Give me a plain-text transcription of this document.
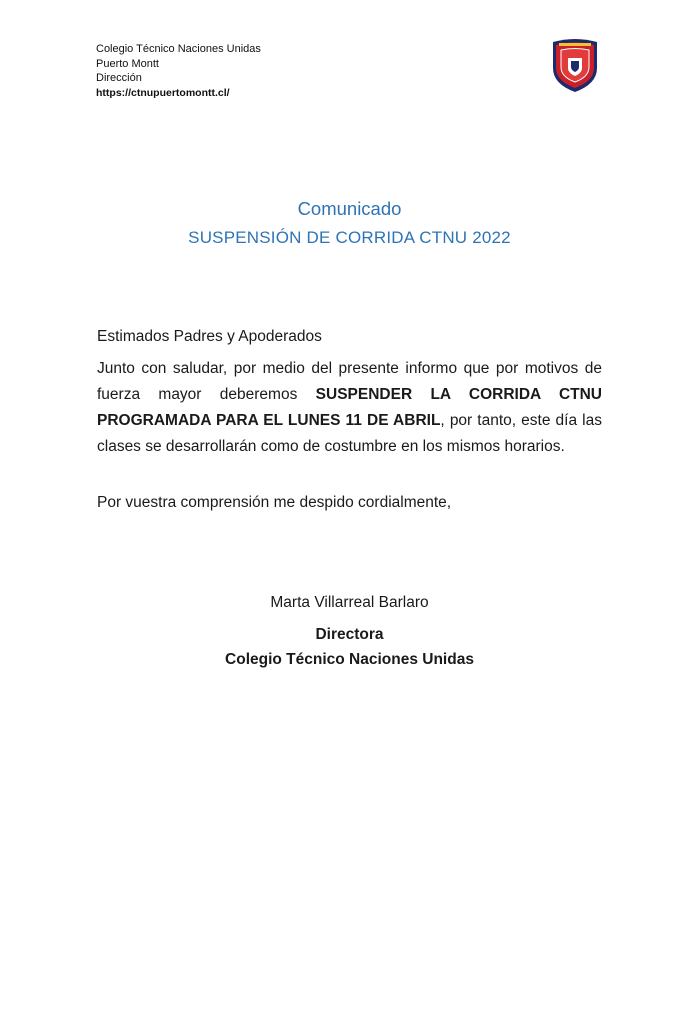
Colegio Técnico Naciones Unidas
Puerto Montt
Dirección
https://ctnupuertomontt.cl/
Comunicado
SUSPENSIÓN DE CORRIDA CTNU 2022
Estimados Padres y Apoderados
Junto con saludar, por medio del presente informo que por motivos de fuerza mayor deberemos SUSPENDER LA CORRIDA CTNU PROGRAMADA PARA EL LUNES 11 DE ABRIL, por tanto, este día las clases se desarrollarán como de costumbre en los mismos horarios.
Por vuestra comprensión me despido cordialmente,
Marta Villarreal Barlaro
Directora
Colegio Técnico Naciones Unidas
